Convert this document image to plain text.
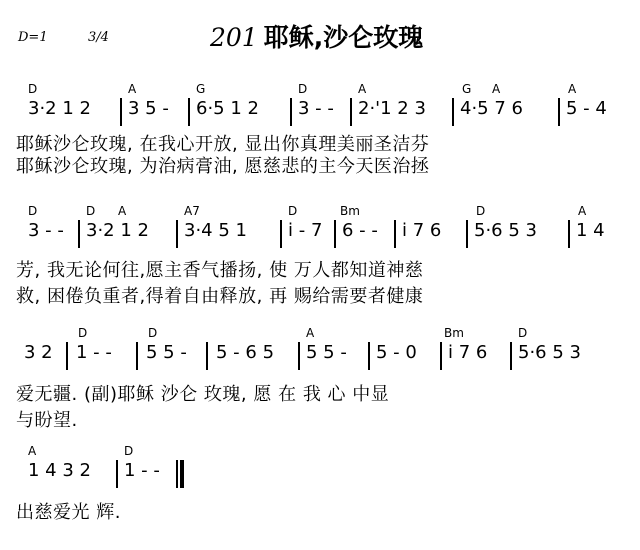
D=1	3/4	201 耶稣,沙仑玫瑰
D	A	G	D	A	G A	A
3·2 1 2 3 5 - 6·5 1 2 3 - - 2·'1 2 3 4·5 7 6 5 - 4
耶稣沙仑玫瑰, 在我心开放, 显出你真理美丽圣洁芬
耶稣沙仑玫瑰, 为治病膏油, 愿慈悲的主今天医治拯
D	D A	A7	D	Bm	D	A
3 - - 3·2 1 2 3·4 5 1 i - 7 6 - - i 7 6 5·6 5 3 1 4
芳, 我无论何往,愿主香气播扬, 使 万人都知道神慈
救, 困倦负重者,得着自由释放, 再 赐给需要者健康
D	D	A	Bm	D
3 2 1 - - 5 5 - 5 - 6 5 5 5 - 5 - 0 i 7 6 5·6 5 3
爱无疆. (副)耶稣 沙仑 玫瑰, 愿 在 我 心 中显
与盼望.
A	D
1 4 3 2 1 - -
出慈爱光 辉.
